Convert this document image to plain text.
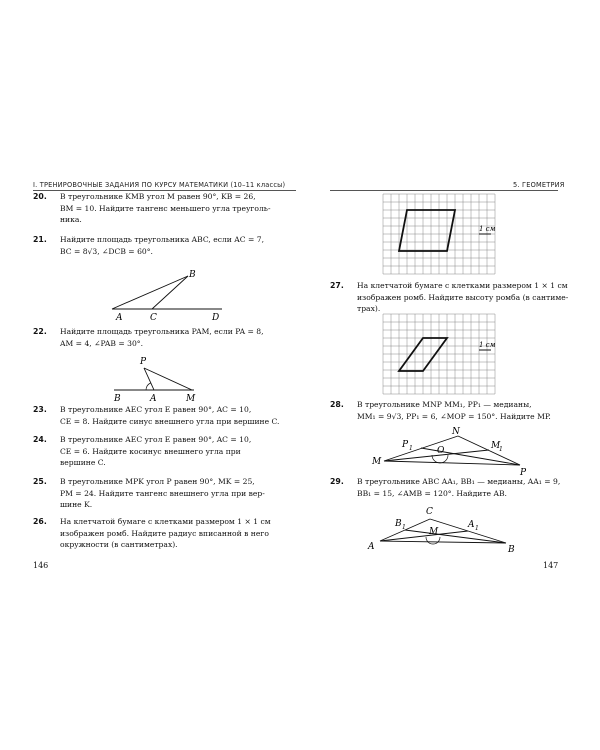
I. ТРЕНИРОВОЧНЫЕ ЗАДАНИЯ ПО КУРСУ МАТЕМАТИКИ (10–11 классы)	5. ГЕОМЕТРИЯ
20. В треугольнике KMB угол M равен 90°, KB = 26,
BM = 10. Найдите тангенс меньшего угла треуголь-
ника.
21. Найдите площадь треугольника ABC, если AC = 7,
BC = 8√3, ∠DCB = 60°.
A	C	D
B
22. Найдите площадь треугольника PAM, если PA = 8,
AM = 4, ∠PAB = 30°.
P
B	A	M
23. В треугольнике AEC угол E равен 90°, AC = 10,
CE = 8. Найдите синус внешнего угла при вершине C.
24. В треугольнике AEC угол E равен 90°, AC = 10,
CE = 6. Найдите косинус внешнего угла при
вершине C.
25. В треугольнике MPK угол P равен 90°, MK = 25,
PM = 24. Найдите тангенс внешнего угла при вер-
шине K.
26. На клетчатой бумаге с клетками размером 1 × 1 см
изображен ромб. Найдите радиус вписанной в него
окружности (в сантиметрах).
146
1 см
27. На клетчатой бумаге с клетками размером 1 × 1 см
изображен ромб. Найдите высоту ромба (в сантиме-
трах).
1 см
28. В треугольнике MNP MM₁, PP₁ — медианы,
MM₁ = 9√3, PP₁ = 6, ∠MOP = 150°. Найдите MP.
N
P 1	M
1
O
M
P
29. В треугольнике ABC AA₁, BB₁ — медианы, AA₁ = 9,
BB₁ = 15, ∠AMB = 120°. Найдите AB.
C
B 1	A 1
M
A	B
147
